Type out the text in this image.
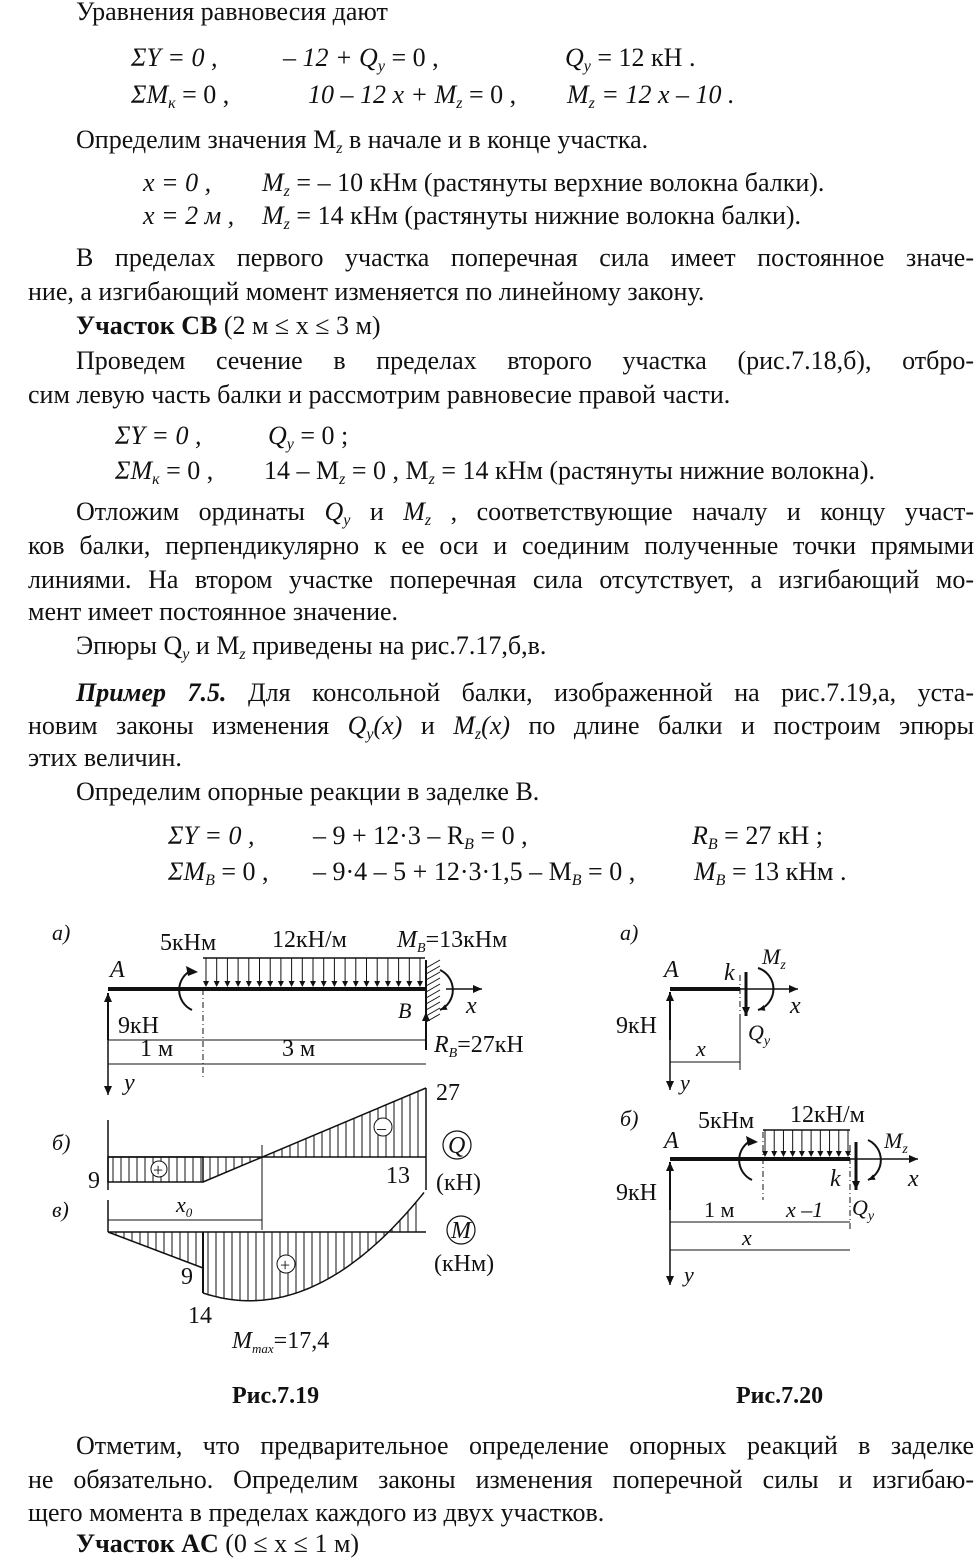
Уравнения равновесия дают
ΣY = 0 ,	– $12 + Q_y = 0$ ,	$Q_y = 12$ кН .
$\Sigma M_к = 0$ ,	10 – 12 $x + M_z = 0$ , $M_z = 12$ x – 10 .
Определим значения $M_z$ в начале и в конце участка.
x = 0 , $M_z$ = – 10 кНм (растянуты верхние волокна балки).
x = 2 м , $M_z = 14$ кНм (растянуты нижние волокна балки).
В пределах первого участка поперечная сила имеет постоянное значе-
ние, а изгибающий момент изменяется по линейному закону.
Участок CB (2 м ≤ x ≤ 3 м)
Проведем сечение в пределах второго участка (рис.7.18,б), отбро-
сим левую часть балки и рассмотрим равновесие правой части.
ΣY = 0 ,	$Q_y = 0$ ;
$\Sigma M_к = 0$ , $14 - M_z = 0$ , $M_z = 14$ кНм (растянуты нижние волокна).
Отложим ординаты $Q_y$ и $M_z$ , соответствующие началу и концу участ-
ков балки, перпендикулярно к ее оси и соединим полученные точки прямыми
линиями. На втором участке поперечная сила отсутствует, а изгибающий мо-
мент имеет постоянное значение.
Эпюры $Q_y$ и $M_z$ приведены на рис.7.17,б,в.
Пример 7.5. Для консольной балки, изображенной на рис.7.19,а, уста-
новим законы изменения $Q_y(x)$ и $M_z(x)$ по длине балки и построим эпюры
этих величин.
Определим опорные реакции в заделке B.
ΣY = 0 , – $9 + 12\cdot 3 - R_B = 0$ ,	$R_B = 27$ кН ;
$\Sigma M_B = 0$ , – $9\cdot 4 - 5 + 12\cdot 3\cdot 1,5 - M_B = 0$ , $M_B = 13$ кНм .
а)	5кНм 12кН/м $M_B=13кНм$
A
B x
9кН
$R_B=27кН$
1 м	3 м
y
б)
+
–
27
9	13
Q
(кН)
$x_0$
в)
+
M
(кНм)
9
14
$M_{max}=17,4$
Рис.7.19
а)
A k
$M_z$
x
$Q_y$
9кН
x
y
б) 5кНм 12кН/м
A	$M_z$
x
k
$Q_y$
9кН
1 м x –1
x
y
Рис.7.20
Отметим, что предварительное определение опорных реакций в заделке
не обязательно. Определим законы изменения поперечной силы и изгибаю-
щего момента в пределах каждого из двух участков.
Участок AC (0 ≤ x ≤ 1 м)
